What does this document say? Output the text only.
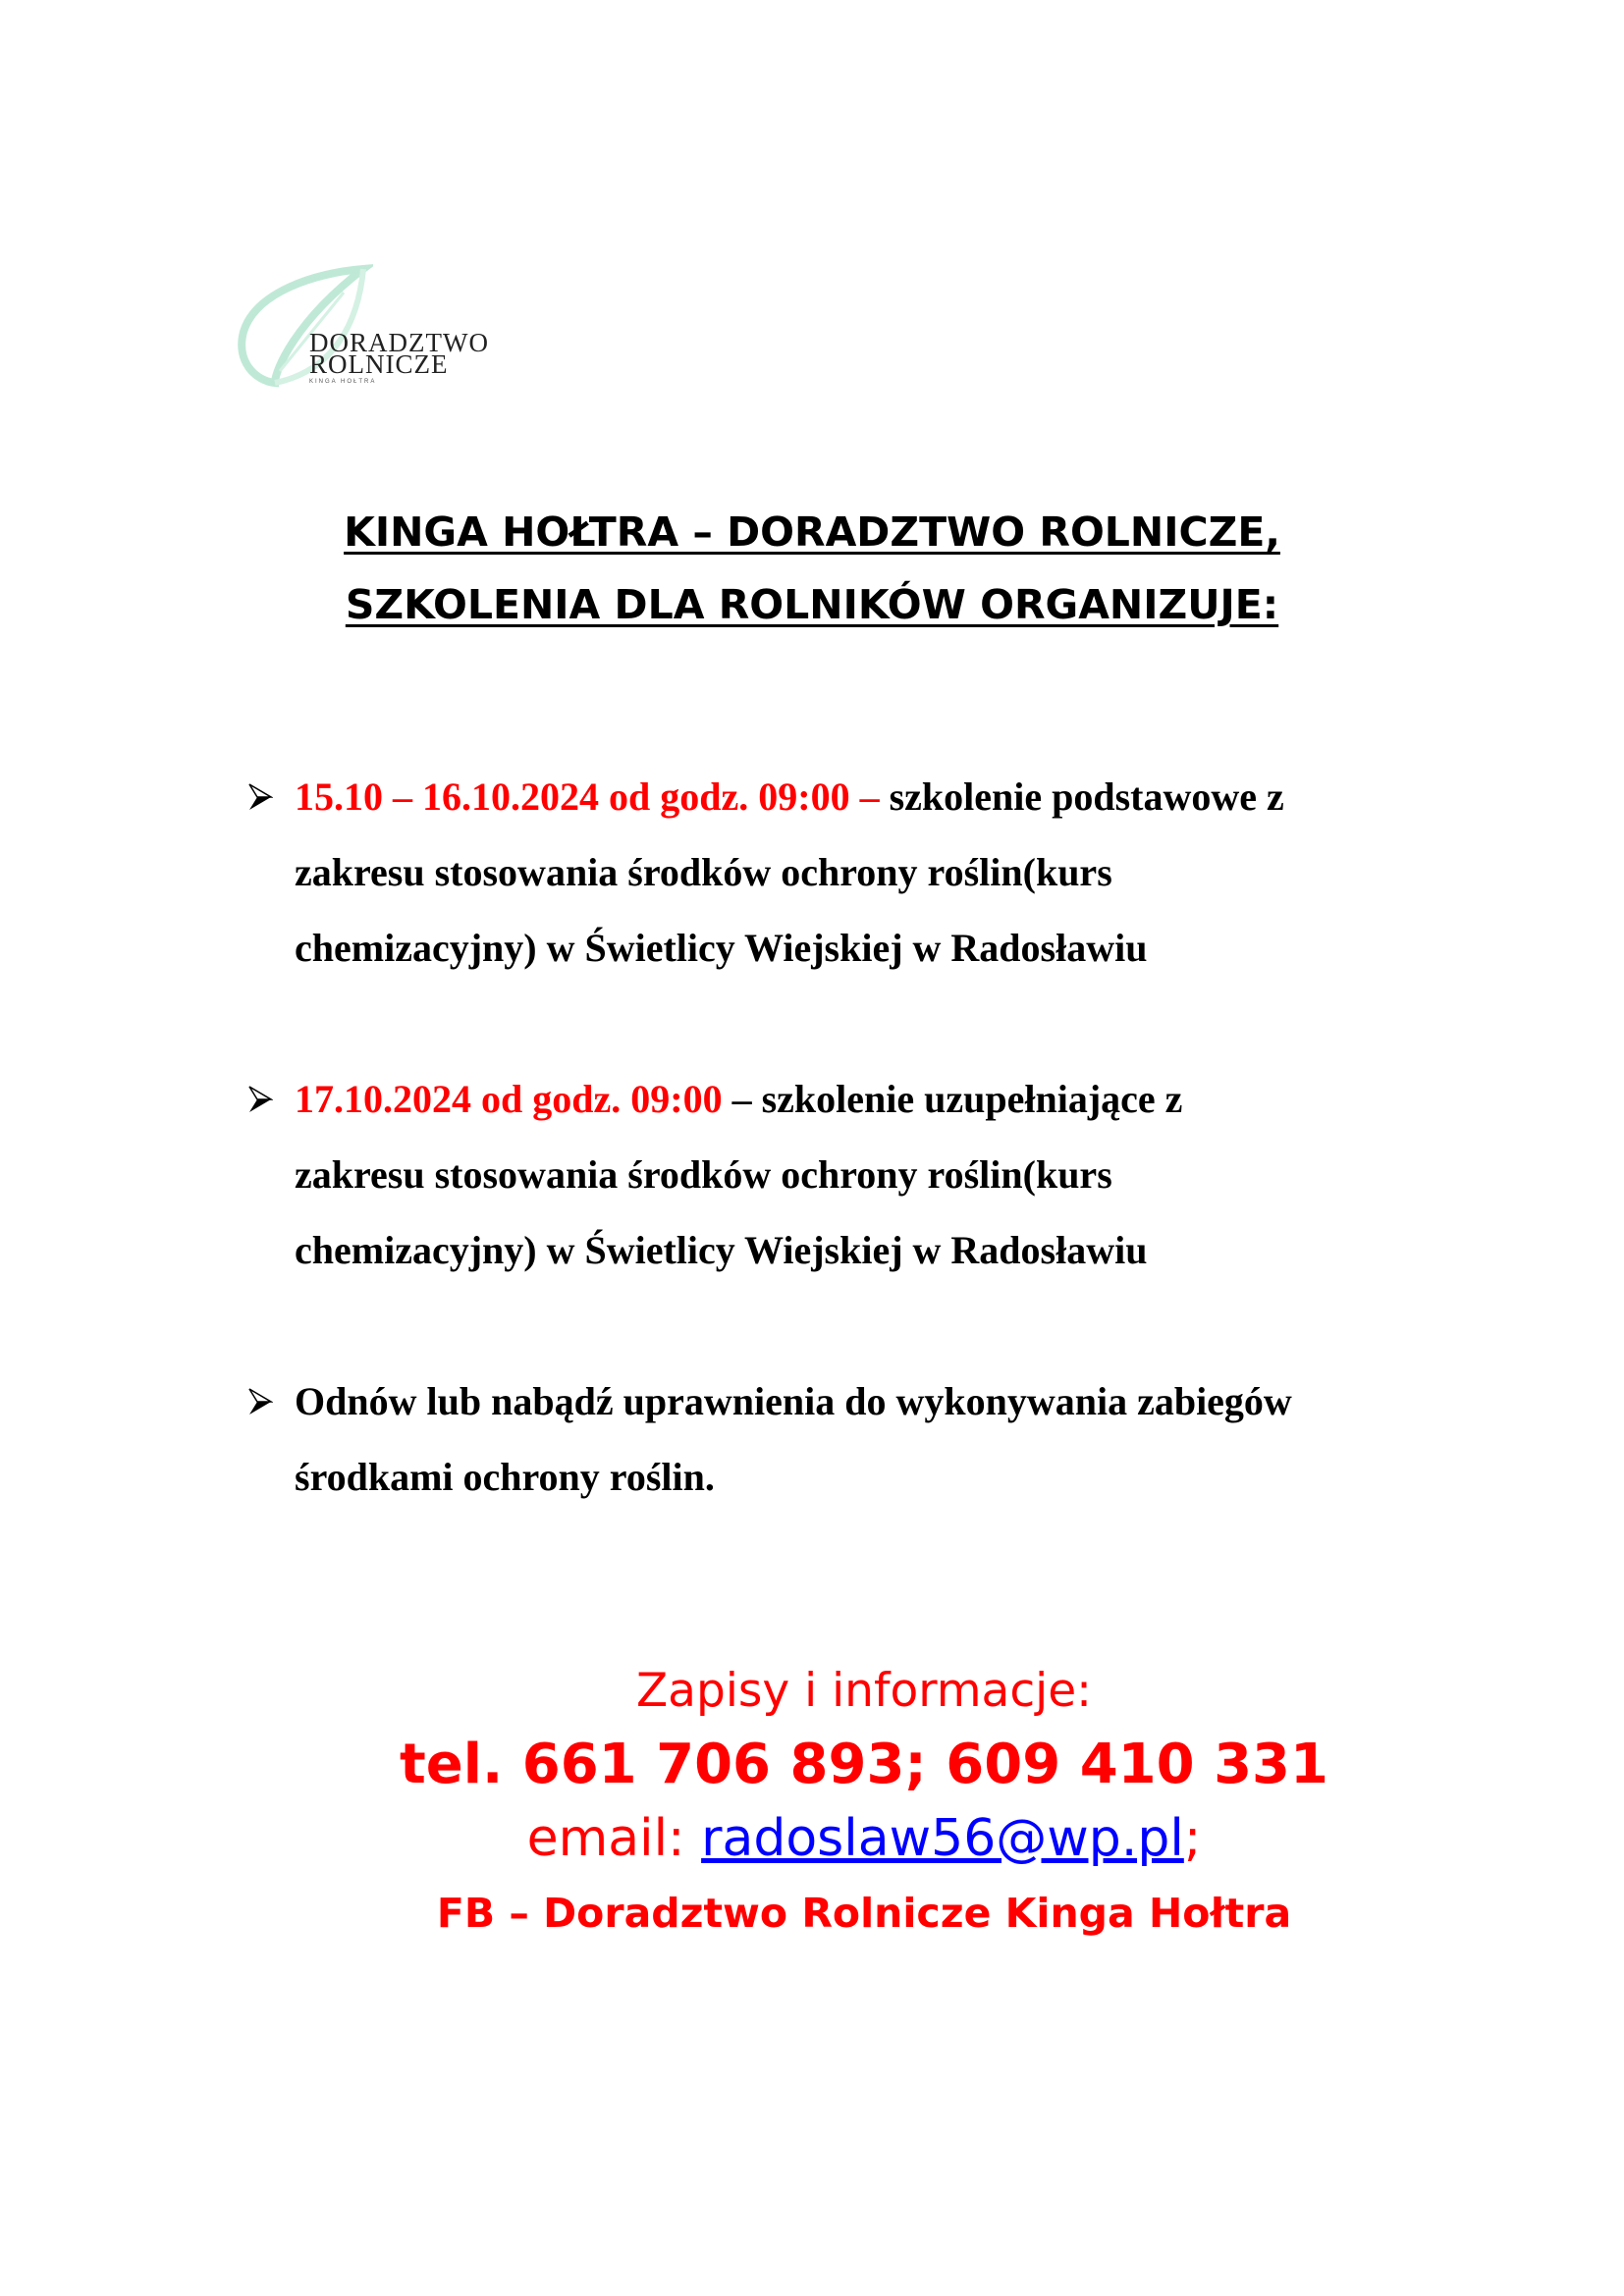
DORADZTWO
ROLNICZE
KINGA HOŁTRA
KINGA HOŁTRA – DORADZTWO ROLNICZE,
SZKOLENIA DLA ROLNIKÓW ORGANIZUJE:
15.10 – 16.10.2024 od godz. 09:00 – szkolenie podstawowe z
zakresu stosowania środków ochrony roślin(kurs
chemizacyjny) w Świetlicy Wiejskiej w Radosławiu
17.10.2024 od godz. 09:00 – szkolenie uzupełniające z
zakresu stosowania środków ochrony roślin(kurs
chemizacyjny) w Świetlicy Wiejskiej w Radosławiu
Odnów lub nabądź uprawnienia do wykonywania zabiegów
środkami ochrony roślin.
Zapisy i informacje:
tel. 661 706 893; 609 410 331
email: radoslaw56@wp.pl;
FB – Doradztwo Rolnicze Kinga Hołtra
